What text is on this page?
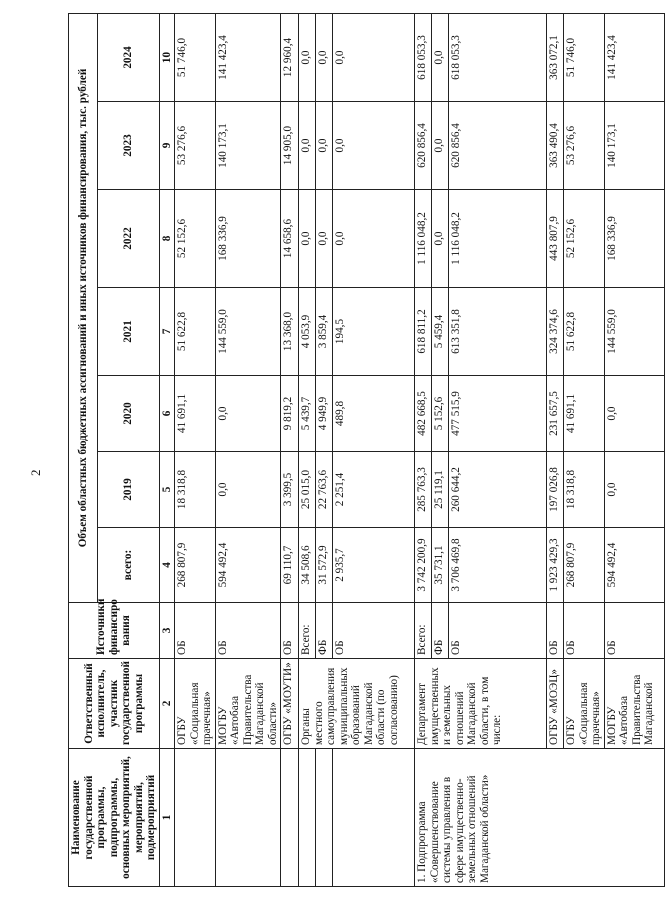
2
Наименование государственной программы, подпрограммы, основных мероприятий, мероприятий, подмероприятий	Ответственный исполнитель, участник государственной программы	Источники финансиро вания	Объем областных бюджетных ассигнований и иных источников финансирования, тыс. рублей						
			всего:	2019	2020	2021	2022	2023	2024
1	2	3	4	5	6	7	8	9	10
	ОГБУ «Социальная прачечная»	ОБ	268 807,9	18 318,8	41 691,1	51 622,8	52 152,6	53 276,6	51 746,0
	МОГБУ «Автобаза Правительства Магаданской области»	ОБ	594 492,4	0,0	0,0	144 559,0	168 336,9	140 173,1	141 423,4
	ОГБУ «МОУТИ»	ОБ	69 110,7	3 399,5	9 819,2	13 368,0	14 658,6	14 905,0	12 960,4
	Органы местного самоуправления муниципальных образований Магаданской области (по согласованию)	Всего:	34 508,6	25 015,0	5 439,7	4 053,9	0,0	0,0	0,0
		ФБ	31 572,9	22 763,6	4 949,9	3 859,4	0,0	0,0	0,0
		ОБ	2 935,7	2 251,4	489,8	194,5	0,0	0,0	0,0
1. Подпрограмма «Совершенствование системы управления в сфере имущественно-земельных отношений Магаданской области»	Департамент имущественных и земельных отношений Магаданской области, в том числе:	Всего:	3 742 200,9	285 763,3	482 668,5	618 811,2	1 116 048,2	620 856,4	618 053,3
		ФБ	35 731,1	25 119,1	5 152,6	5 459,4	0,0	0,0	0,0
		ОБ	3 706 469,8	260 644,2	477 515,9	613 351,8	1 116 048,2	620 856,4	618 053,3
	ОГБУ «МОЭЦ»	ОБ	1 923 429,3	197 026,8	231 657,5	324 374,6	443 807,9	363 490,4	363 072,1
	ОГБУ «Социальная прачечная»	ОБ	268 807,9	18 318,8	41 691,1	51 622,8	52 152,6	53 276,6	51 746,0
	МОГБУ «Автобаза Правительства Магаданской	ОБ	594 492,4	0,0	0,0	144 559,0	168 336,9	140 173,1	141 423,4
